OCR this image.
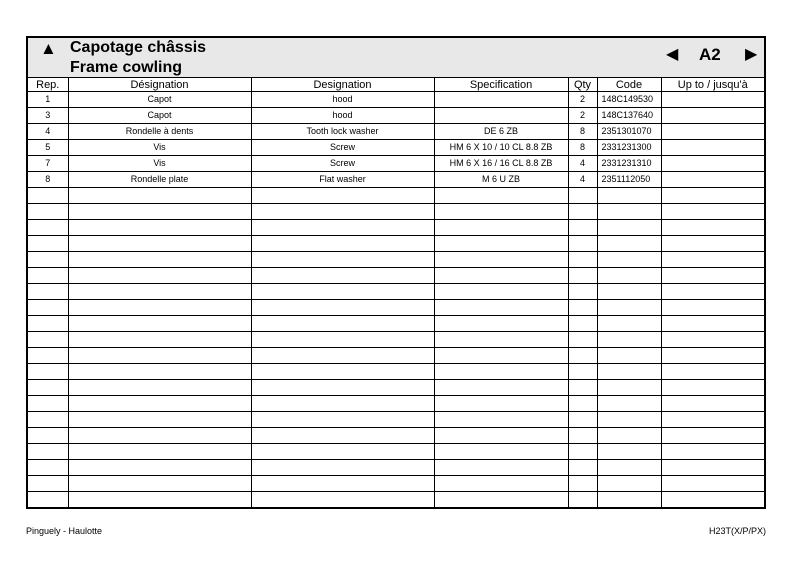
▲ Capotage châssis
Frame cowling
◀ A2 ▶
Rep.	Désignation	Designation	Specification	Qty	Code	Up to / jusqu'à
1	Capot	hood		2	148C149530	
3	Capot	hood		2	148C137640	
4	Rondelle à dents	Tooth lock washer	DE 6 ZB	8	2351301070	
5	Vis	Screw	HM 6 X 10 / 10 CL 8.8 ZB	8	2331231300	
7	Vis	Screw	HM 6 X 16 / 16 CL 8.8 ZB	4	2331231310	
8	Rondelle plate	Flat washer	M 6 U ZB	4	2351112050	

Pinguely - Haulotte	H23T(X/P/PX)
